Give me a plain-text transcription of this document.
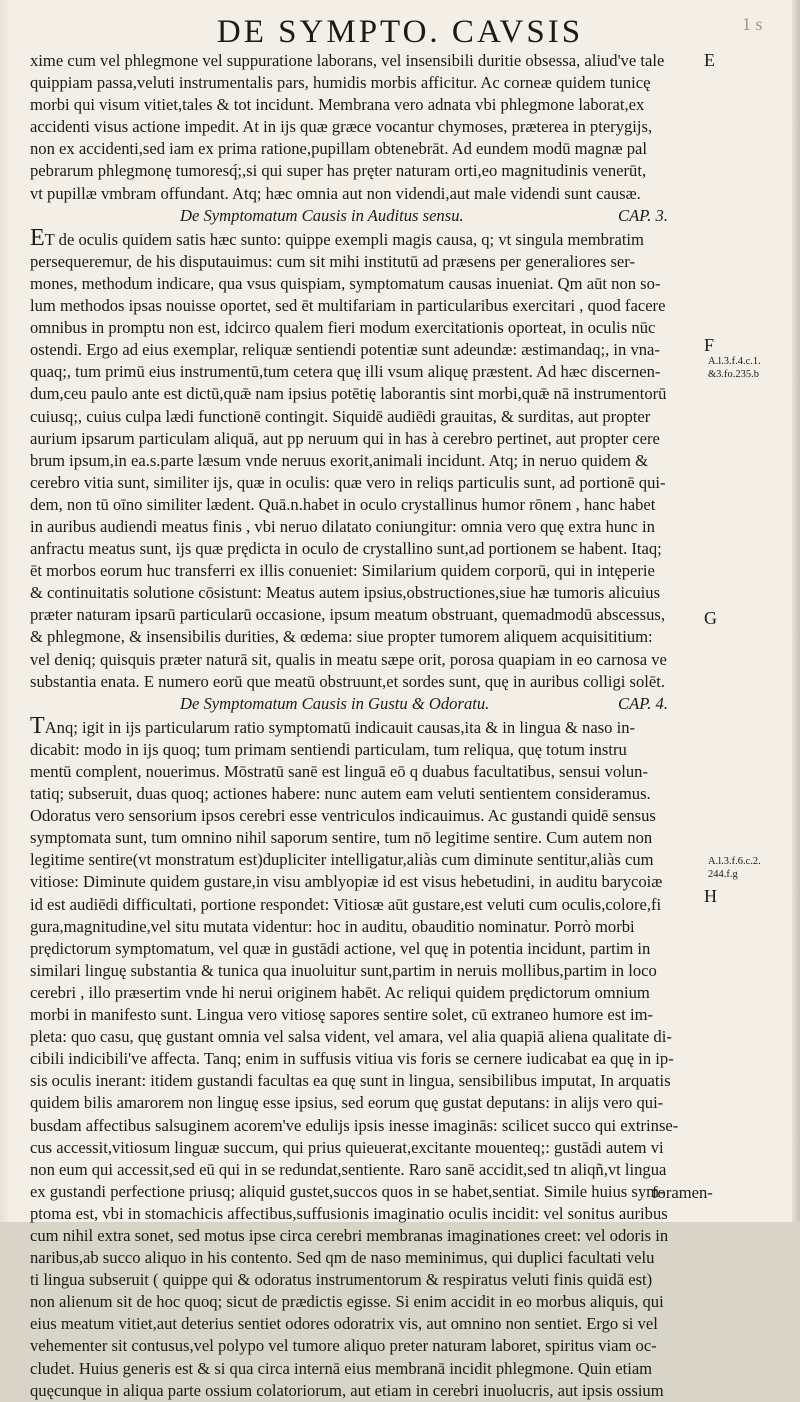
DE SYMPTO. CAVSIS	1 s

xime cum vel phlegmone vel suppuratione laborans, vel insensibili duritie obsessa, aliud've tale

quippiam passa,veluti instrumentalis pars, humidis morbis afficitur. Ac corneæ quidem tunicę

morbi qui visum vitiet,tales & tot incidunt. Membrana vero adnata vbi phlegmone laborat,ex

accidenti visus actione impedit. At in ijs quæ græce vocantur chymoses, præterea in pterygijs,

non ex accidenti,sed iam ex prima ratione,pupillam obtenebrāt. Ad eundem modū magnæ pal

pebrarum phlegmonę tumoresq́;,si qui super has pręter naturam orti,eo magnitudinis venerūt,

vt pupillæ vmbram offundant. Atq; hæc omnia aut non videndi,aut male videndi sunt causæ.

De Symptomatum Causis in Auditus sensu.	CAP. 3.

ET de oculis quidem satis hæc sunto: quippe exempli magis causa, q; vt singula membratim

persequeremur, de his disputauimus: cum sit mihi institutū ad præsens per generaliores ser-

mones, methodum indicare, qua vsus quispiam, symptomatum causas inueniat. Qm aūt non so-

lum methodos ipsas nouisse oportet, sed ēt multifariam in particularibus exercitari , quod facere

omnibus in promptu non est, idcirco qualem fieri modum exercitationis oporteat, in oculis nūc

ostendi. Ergo ad eius exemplar, reliquæ sentiendi potentiæ sunt adeundæ: æstimandaq;, in vna-

quaq;, tum primū eius instrumentū,tum cetera quę illi vsum aliquę præstent. Ad hæc discernen-

dum,ceu paulo ante est dictū,quǣ nam ipsius potētię laborantis sint morbi,quǣ nā instrumentorū

cuiusq;, cuius culpa lædi functionē contingit. Siquidē audiēdi grauitas, & surditas, aut propter

aurium ipsarum particulam aliquā, aut pp neruum qui in has à cerebro pertinet, aut propter cere

brum ipsum,in ea.s.parte læsum vnde neruus exorit,animali incidunt. Atq; in neruo quidem &

cerebro vitia sunt, similiter ijs, quæ in oculis: quæ vero in reliqs particulis sunt, ad portionē qui-

dem, non tū oīno similiter lædent. Quā.n.habet in oculo crystallinus humor rōnem , hanc habet

in auribus audiendi meatus finis , vbi neruo dilatato coniungitur: omnia vero quę extra hunc in

anfractu meatus sunt, ijs quæ prędicta in oculo de crystallino sunt,ad portionem se habent. Itaq;

ēt morbos eorum huc transferri ex illis conueniet: Similarium quidem corporū, qui in intęperie

& continuitatis solutione cōsistunt: Meatus autem ipsius,obstructiones,siue hæ tumoris alicuius

præter naturam ipsarū particularū occasione, ipsum meatum obstruant, quemadmodū abscessus,

& phlegmone, & insensibilis durities, & œdema: siue propter tumorem aliquem acquisititium:

vel deniq; quisquis præter naturā sit, qualis in meatu sæpe orit, porosa quapiam in eo carnosa ve

substantia enata. E numero eorū que meatū obstruunt,et sordes sunt, quę in auribus colligi solēt.

De Symptomatum Causis in Gustu & Odoratu.	CAP. 4.

TAnq; igit in ijs particularum ratio symptomatū indicauit causas,ita & in lingua & naso in-

dicabit: modo in ijs quoq; tum primam sentiendi particulam, tum reliqua, quę totum instru

mentū complent, nouerimus. Mōstratū sanē est linguā eō q duabus facultatibus, sensui volun-

tatiq; subseruit, duas quoq; actiones habere: nunc autem eam veluti sentientem consideramus.

Odoratus vero sensorium ipsos cerebri esse ventriculos indicauimus. Ac gustandi quidē sensus

symptomata sunt, tum omnino nihil saporum sentire, tum nō legitime sentire. Cum autem non

legitime sentire(vt monstratum est)dupliciter intelligatur,aliàs cum diminute sentitur,aliàs cum

vitiose: Diminute quidem gustare,in visu amblyopiæ id est visus hebetudini, in auditu barycoiæ

id est audiēdi difficultati, portione respondet: Vitiosæ aūt gustare,est veluti cum oculis,colore,fi

gura,magnitudine,vel situ mutata videntur: hoc in auditu, obauditio nominatur. Porrò morbi

prędictorum symptomatum, vel quæ in gustādi actione, vel quę in potentia incidunt, partim in

similari linguę substantia & tunica qua inuoluitur sunt,partim in neruis mollibus,partim in loco

cerebri , illo præsertim vnde hi nerui originem habēt. Ac reliqui quidem prędictorum omnium

morbi in manifesto sunt. Lingua vero vitiosę sapores sentire solet, cū extraneo humore est im-

pleta: quo casu, quę gustant omnia vel salsa vident, vel amara, vel alia quapiā aliena qualitate di-

cibili indicibili've affecta. Tanq; enim in suffusis vitiua vis foris se cernere iudicabat ea quę in ip-

sis oculis inerant: itidem gustandi facultas ea quę sunt in lingua, sensibilibus imputat, In arquatis

quidem bilis amarorem non linguę esse ipsius, sed eorum quę gustat deputans: in alijs vero qui-

busdam affectibus salsuginem acorem've edulijs ipsis inesse imaginās: scilicet succo qui extrinse-

cus accessit,vitiosum linguæ succum, qui prius quieuerat,excitante mouenteq;: gustādi autem vi

non eum qui accessit,sed eū qui in se redundat,sentiente. Raro sanē accidit,sed tn aliqñ,vt lingua

ex gustandi perfectione priusq; aliquid gustet,succos quos in se habet,sentiat. Simile huius sym-

ptoma est, vbi in stomachicis affectibus,suffusionis imaginatio oculis incidit: vel sonitus auribus

cum nihil extra sonet, sed motus ipse circa cerebri membranas imaginationes creet: vel odoris in

naribus,ab succo aliquo in his contento. Sed qm de naso meminimus, qui duplici facultati velu

ti lingua subseruit ( quippe qui & odoratus instrumentorum & respiratus veluti finis quidā est)

non alienum sit de hoc quoq; sicut de prædictis egisse. Si enim accidit in eo morbus aliquis, qui

eius meatum vitiet,aut deterius sentiet odores odoratrix vis, aut omnino non sentiet. Ergo si vel

vehementer sit contusus,vel polypo vel tumore aliquo preter naturam laboret, spiritus viam oc-

cludet. Huius generis est & si qua circa internā eius membranā incidit phlegmone. Quin etiam

quęcunque in aliqua parte ossium colatoriorum, aut etiam in cerebri inuolucris, aut ipsis ossium

E
F
G
H
A.l.3.f.4.c.1.
&3.fo.235.b
A.l.3.f.6.c.2.
244.f.g
foramen-
